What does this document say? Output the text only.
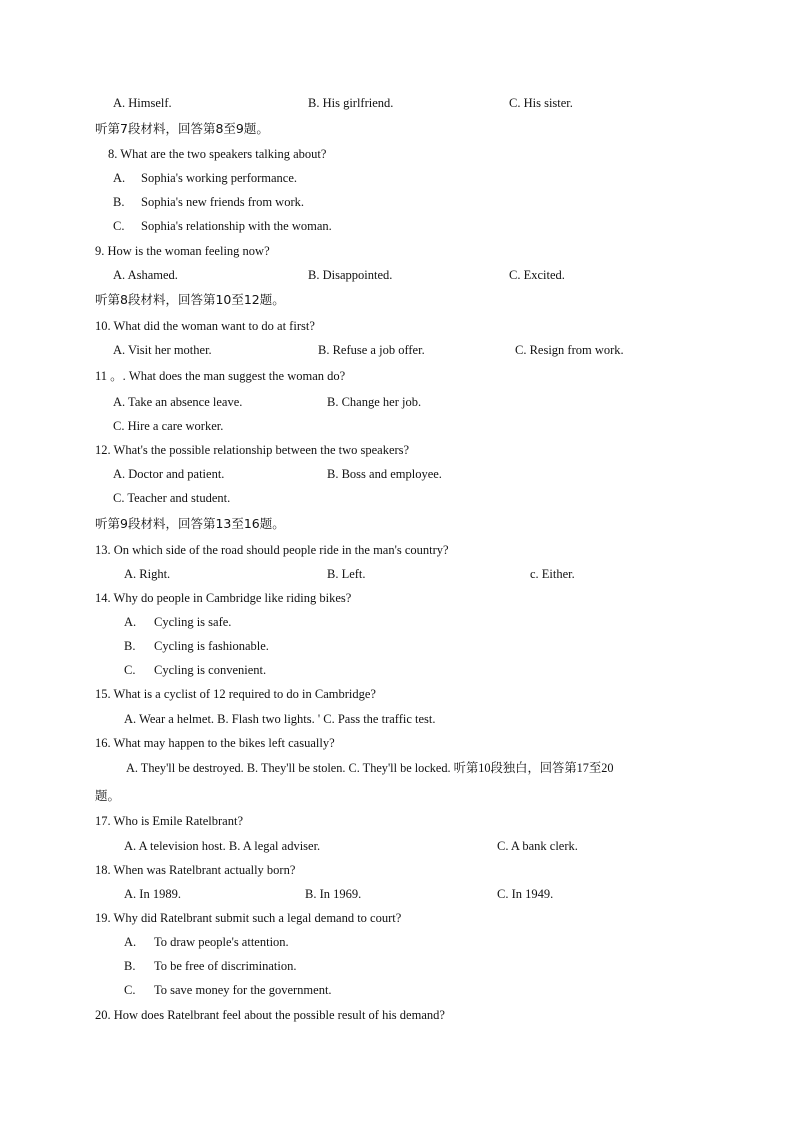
A. Himself.	B. His girlfriend.	C. His sister.
听第7段材料，回答第8至9题。
8. What are the two speakers talking about?
A. Sophia's working performance.
B. Sophia's new friends from work.
C. Sophia's relationship with the woman.
9. How is the woman feeling now?
A. Ashamed.	B. Disappointed.	C. Excited.
听第8段材料，回答第10至12题。
10. What did the woman want to do at first?
A. Visit her mother.	B. Refuse a job offer.	C. Resign from work.
11 。. What does the man suggest the woman do?
A. Take an absence leave.	B. Change her job.
C. Hire a care worker.
12. What's the possible relationship between the two speakers?
A. Doctor and patient.	B. Boss and employee.
C. Teacher and student.
听第9段材料，回答第13至16题。
13. On which side of the road should people ride in the man's country?
A. Right.	B. Left.	c. Either.
14. Why do people in Cambridge like riding bikes?
A. Cycling is safe.
B. Cycling is fashionable.
C. Cycling is convenient.
15. What is a cyclist of 12 required to do in Cambridge?
A. Wear a helmet. B. Flash two lights. ' C. Pass the traffic test.
16. What may happen to the bikes left casually?
A. They'll be destroyed. B. They'll be stolen. C. They'll be locked. 听第10段独白，回答第17至20
题。
17. Who is Emile Ratelbrant?
A. A television host. B. A legal adviser.	C. A bank clerk.
18. When was Ratelbrant actually born?
A. In 1989.	B. In 1969.	C. In 1949.
19. Why did Ratelbrant submit such a legal demand to court?
A. To draw people's attention.
B. To be free of discrimination.
C. To save money for the government.
20. How does Ratelbrant feel about the possible result of his demand?
